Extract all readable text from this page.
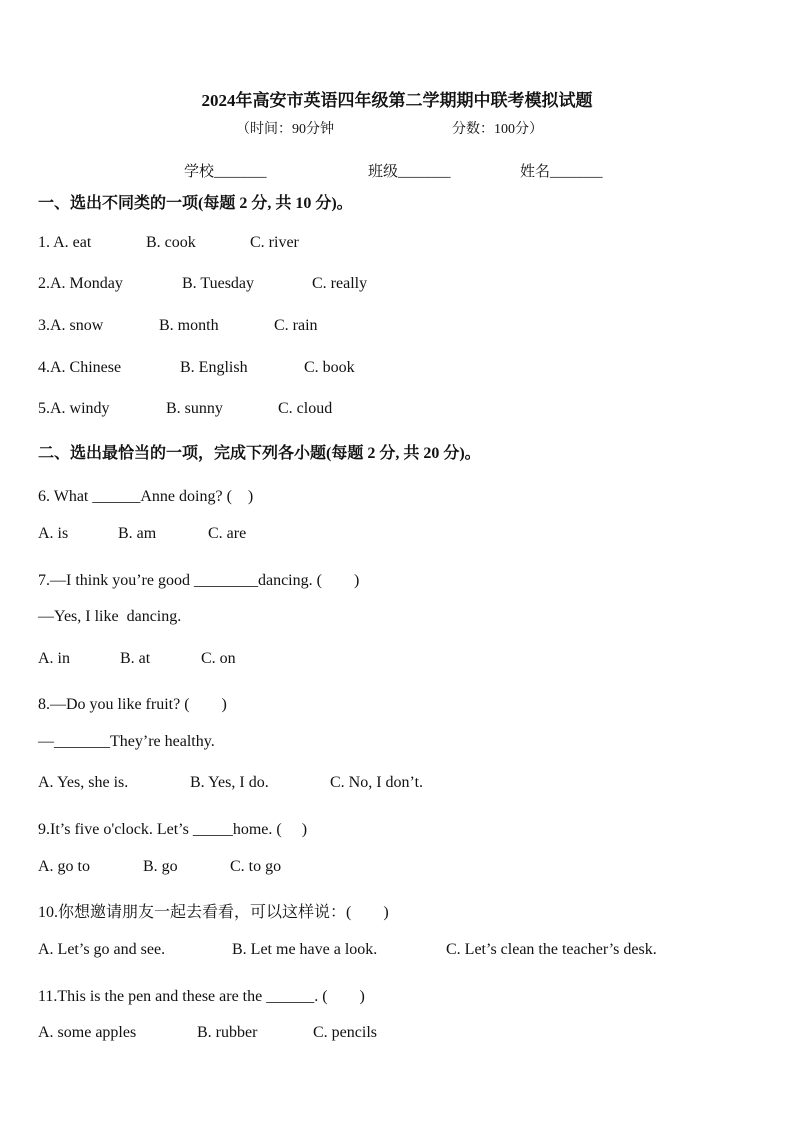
2024年高安市英语四年级第二学期期中联考模拟试题
（时间：90分钟	分数：100分）
学校_______	班级_______	姓名_______
一、选出不同类的一项(每题 2 分, 共 10 分)。
1. A. eat	B. cook	C. river
2.A. Monday	B. Tuesday	C. really
3.A. snow	B. month	C. rain
4.A. Chinese	B. English	C. book
5.A. windy	B. sunny	C. cloud
二、选出最恰当的一项，完成下列各小题(每题 2 分, 共 20 分)。
6. What ______Anne doing? (　)
A. is	B. am	C. are
7.—I think you’re good ________dancing. (　　)
—Yes, I like  dancing.
A. in	B. at	C. on
8.—Do you like fruit? (　　)
—_______They’re healthy.
A. Yes, she is.	B. Yes, I do.	C. No, I don’t.
9.It’s five o'clock. Let’s _____home. (　 )
A. go to	B. go	C. to go
10.你想邀请朋友一起去看看，可以这样说：(　　)
A. Let’s go and see.	B. Let me have a look.	C. Let’s clean the teacher’s desk.
11.This is the pen and these are the ______. (　　)
A. some apples	B. rubber	C. pencils
